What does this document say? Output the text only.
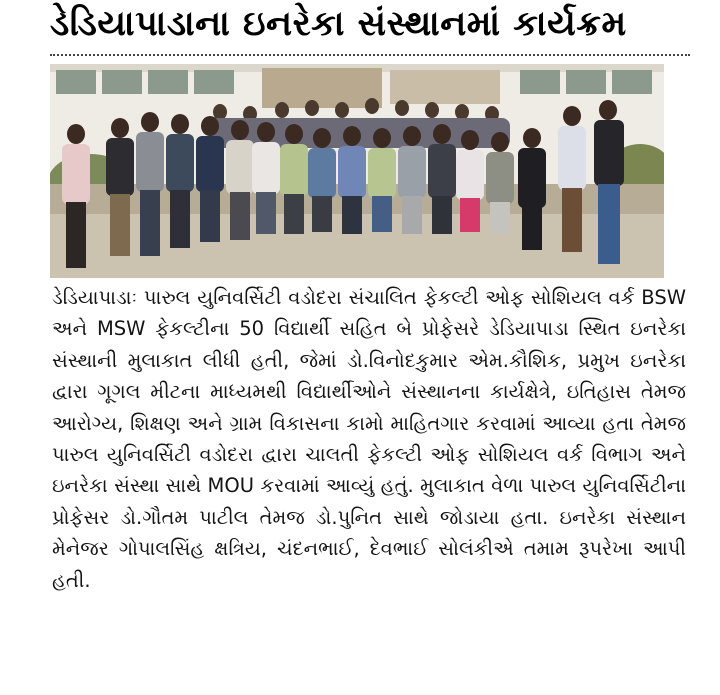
ડેડિયાપાડાના ઇનરેકા સંસ્થાનમાં કાર્યક્રમ
ડેડિયાપાડાઃ પારુલ યુનિવર્સિટી વડોદરા સંચાલિત ફેકલ્ટી ઓફ સોશિયલ વર્ક BSW અને MSW ફેકલ્ટીના 50 વિદ્યાર્થી સહિત બે પ્રોફેસરે ડેડિયાપાડા સ્થિત ઇનરેકા સંસ્થાની મુલાકાત લીધી હતી, જેમાં ડો.વિનોદકુમાર એમ.કૌશિક, પ્રમુખ ઇનરેકા દ્વારા ગૂગલ મીટના માધ્યમથી વિદ્યાર્થીઓને સંસ્થાનના કાર્યક્ષેત્રે, ઇતિહાસ તેમજ આરોગ્ય, શિક્ષણ અને ગ્રામ વિકાસના કામો માહિતગાર કરવામાં આવ્યા હતા તેમજ પારુલ યુનિવર્સિટી વડોદરા દ્વારા ચાલતી ફેકલ્ટી ઓફ સોશિયલ વર્ક વિભાગ અને ઇનરેકા સંસ્થા સાથે MOU કરવામાં આવ્યું હતું. મુલાકાત વેળા પારુલ યુનિવર્સિટીના પ્રોફેસર ડો.ગૌતમ પાટીલ તેમજ ડો.પુનિત સાથે જોડાયા હતા. ઇનરેકા સંસ્થાન મેનેજર ગોપાલસિંહ ક્ષત્રિય, ચંદનભાઈ, દેવભાઈ સોલંકીએ તમામ રૂપરેખા આપી હતી.
